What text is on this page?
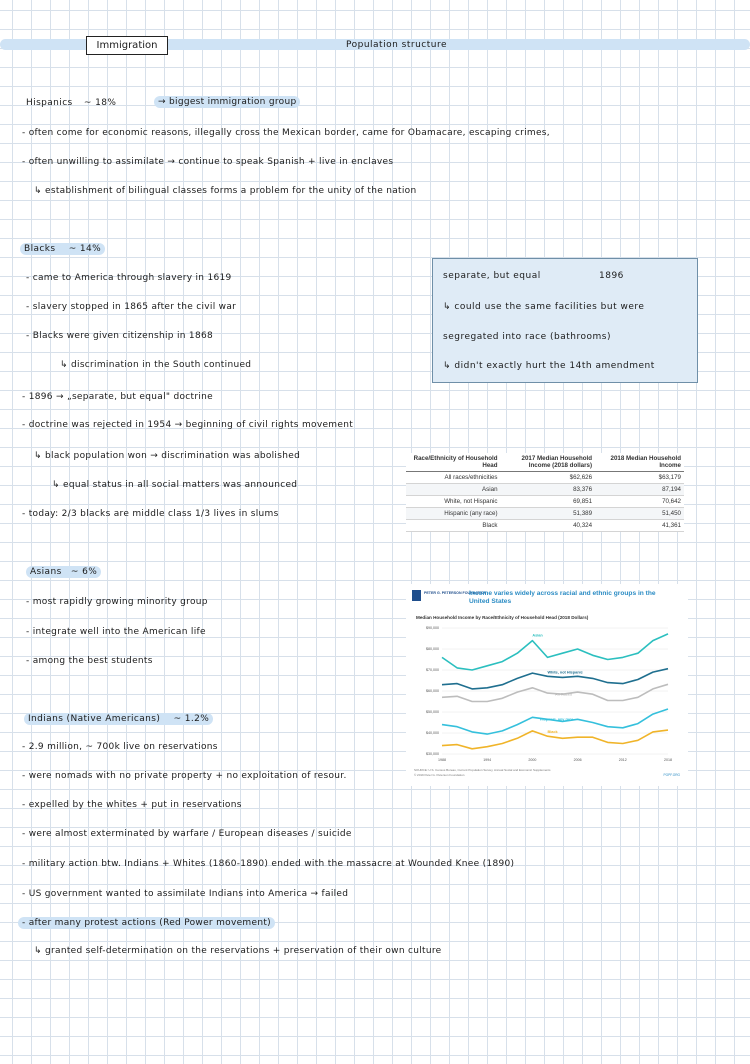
Immigration	Population structure
Hispanics ~ 18%	→ biggest immigration group
- often come for economic reasons, illegally cross the Mexican border, came for Obamacare, escaping crimes,
- often unwilling to assimilate → continue to speak Spanish + live in enclaves
↳ establishment of bilingual classes forms a problem for the unity of the nation
Blacks ~ 14%
- came to America through slavery in 1619
- slavery stopped in 1865 after the civil war
- Blacks were given citizenship in 1868
↳ discrimination in the South continued
- 1896 → „separate, but equal" doctrine
- doctrine was rejected in 1954 → beginning of civil rights movement
↳ black population won → discrimination was abolished
↳ equal status in all social matters was announced
- today: 2/3 blacks are middle class 1/3 lives in slums
separate, but equal	1896
↳ could use the same facilities but were
segregated into race (bathrooms)
↳ didn't exactly hurt the 14th amendment
Race/Ethnicity of Household Head	2017 Median Household Income (2018 dollars)	2018 Median Household Income
All races/ethnicities	$62,626	$63,179
Asian	83,376	87,194
White, not Hispanic	69,851	70,642
Hispanic (any race)	51,389	51,450
Black	40,324	41,361
PETER G. PETERSON FOUNDATION
Income varies widely across racial and ethnic groups in the United States
Median Household Income by Race/Ethnicity of Household Head (2018 Dollars)
$90,000
$80,000
$70,000
$60,000
$50,000
$40,000
$30,000
1988	1994	2000	2006	2012	2018
Asian
White, not Hispanic
All Races
Hispanic, any race
Black
SOURCE: U.S. Census Bureau, Current Population Survey, Annual Social and Economic Supplements
© 2019 Peter G. Peterson Foundation	PGPF.ORG
Asians ~ 6%
- most rapidly growing minority group
- integrate well into the American life
- among the best students
Indians (Native Americans) ~ 1.2%
- 2.9 million, ~ 700k live on reservations
- were nomads with no private property + no exploitation of resour.
- expelled by the whites + put in reservations
- were almost exterminated by warfare / European diseases / suicide
- military action btw. Indians + Whites (1860-1890) ended with the massacre at Wounded Knee (1890)
- US government wanted to assimilate Indians into America → failed
- after many protest actions (Red Power movement)
↳ granted self-determination on the reservations + preservation of their own culture
